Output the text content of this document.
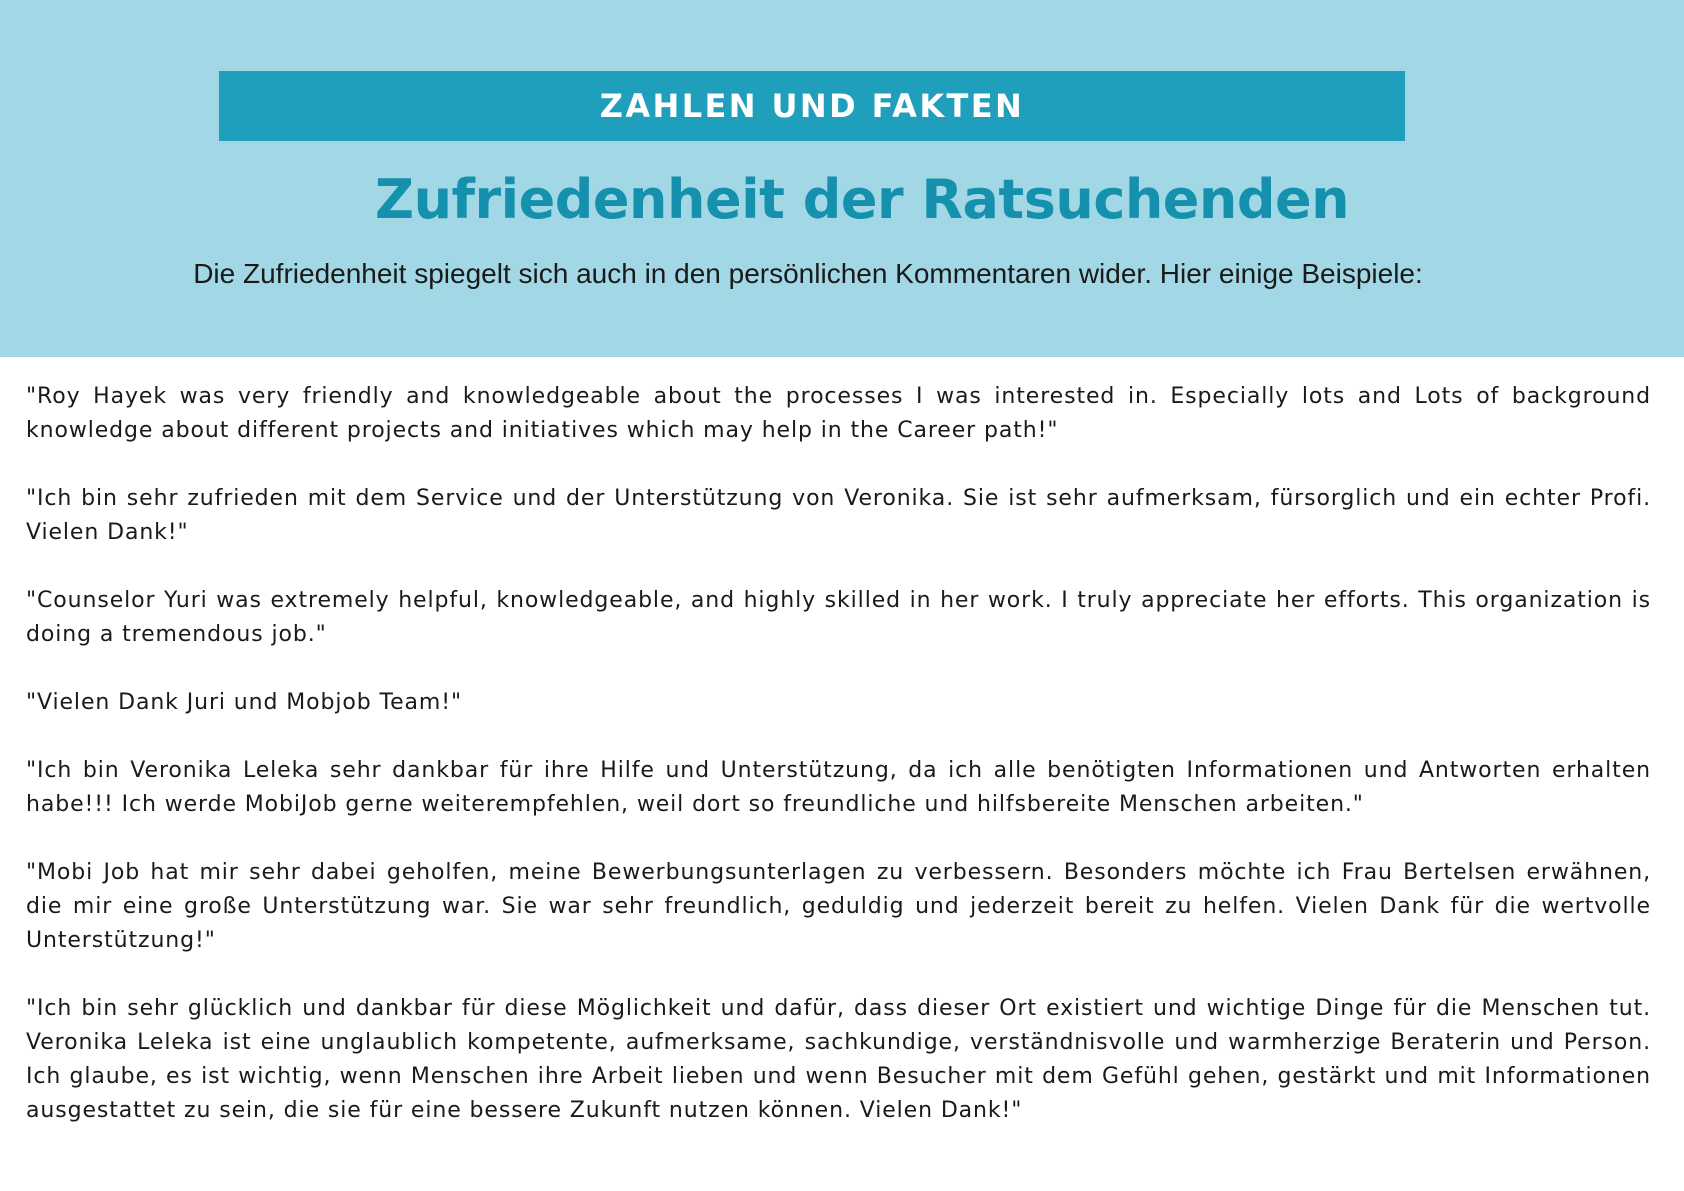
ZAHLEN UND FAKTEN
Zufriedenheit der Ratsuchenden
Die Zufriedenheit spiegelt sich auch in den persönlichen Kommentaren wider. Hier einige Beispiele:

"Roy Hayek was very friendly and knowledgeable about the processes I was interested in. Especially lots and Lots of background knowledge about different projects and initiatives which may help in the Career path!"

"Ich bin sehr zufrieden mit dem Service und der Unterstützung von Veronika. Sie ist sehr aufmerksam, fürsorglich und ein echter Profi. Vielen Dank!"

"Counselor Yuri was extremely helpful, knowledgeable, and highly skilled in her work. I truly appreciate her efforts. This organization is doing a tremendous job."

"Vielen Dank Juri und Mobjob Team!"

"Ich bin Veronika Leleka sehr dankbar für ihre Hilfe und Unterstützung, da ich alle benötigten Informationen und Antworten erhalten habe!!! Ich werde MobiJob gerne weiterempfehlen, weil dort so freundliche und hilfsbereite Menschen arbeiten."

"Mobi Job hat mir sehr dabei geholfen, meine Bewerbungsunterlagen zu verbessern. Besonders möchte ich Frau Bertelsen erwähnen, die mir eine große Unterstützung war. Sie war sehr freundlich, geduldig und jederzeit bereit zu helfen. Vielen Dank für die wertvolle Unterstützung!"

"Ich bin sehr glücklich und dankbar für diese Möglichkeit und dafür, dass dieser Ort existiert und wichtige Dinge für die Menschen tut. Veronika Leleka ist eine unglaublich kompetente, aufmerksame, sachkundige, verständnisvolle und warmherzige Beraterin und Person. Ich glaube, es ist wichtig, wenn Menschen ihre Arbeit lieben und wenn Besucher mit dem Gefühl gehen, gestärkt und mit Informationen ausgestattet zu sein, die sie für eine bessere Zukunft nutzen können. Vielen Dank!"
